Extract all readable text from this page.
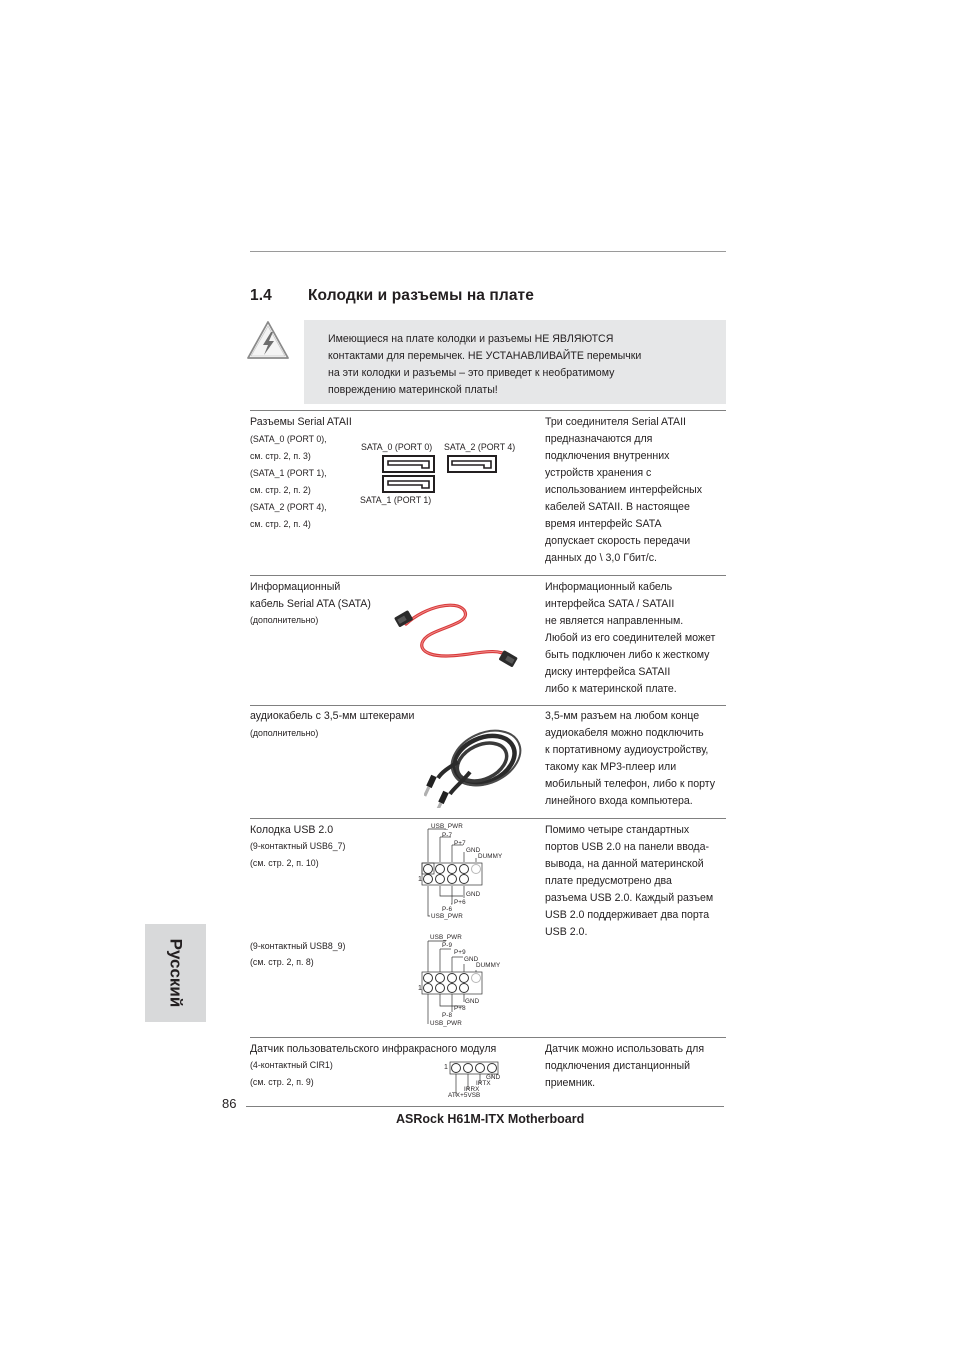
1.4 Колодки и разъемы на плате
Имеющиеся на плате колодки и разъемы НЕ ЯВЛЯЮТСЯ
контактами для перемычек. НЕ УСТАНАВЛИВАЙТЕ перемычки
на эти колодки и разъемы – это приведет к необратимому
повреждению материнской платы!
Разъемы Serial ATAII
(SATA_0 (PORT 0),
см. стр. 2, п. 3)
(SATA_1 (PORT 1),
см. стр. 2, п. 2)
(SATA_2 (PORT 4),
см. стр. 2, п. 4)
SATA_0 (PORT 0) SATA_2 (PORT 4)
SATA_1 (PORT 1)
Три соединителя Serial ATAII
предназначаются для
подключения внутренних
устройств хранения с
использованием интерфейсных
кабелей SATAII. В настоящее
время интерфейс SATA
допускает скорость передачи
данных до \ 3,0 Гбит/с.
Информационный
кабель Serial ATA (SATA)
(дополнительно)
Информационный кабель
интерфейса SATA / SATAII
не является направленным.
Любой из его соединителей может
быть подключен либо к жесткому
диску интерфейса SATAII
либо к материнской плате.
аудиокабель с 3,5-мм штекерами
(дополнительно)
3,5-мм разъем на любом конце
аудиокабеля можно подключить
к портативному аудиоустройству,
такому как MP3-плеер или
мобильный телефон, либо к порту
линейного входа компьютера.
Колодка USB 2.0
(9-контактный USB6_7)
(см. стр. 2, п. 10)
(9-контактный USB8_9)
(см. стр. 2, п. 8)
USB_PWR
P-7
P+7
GND
DUMMY
GND
P+6
P-6
USB_PWR
1
USB_PWR
P-9
P+9
GND
DUMMY
GND
P+8
P-8
USB_PWR
1
Помимо четыре стандартных
портов USB 2.0 на панели ввода-
вывода, на данной материнской
плате предусмотрено два
разъема USB 2.0. Каждый разъем
USB 2.0 поддерживает два порта
USB 2.0.
Датчик пользовательского инфракрасного модуля
(4-контактный CIR1)
(см. стр. 2, п. 9)	GND
IRTX
IRRX
ATX+5VSB
1
Датчик можно использовать для
подключения дистанционный
приемник.
Русский
86
ASRock H61M-ITX Motherboard
